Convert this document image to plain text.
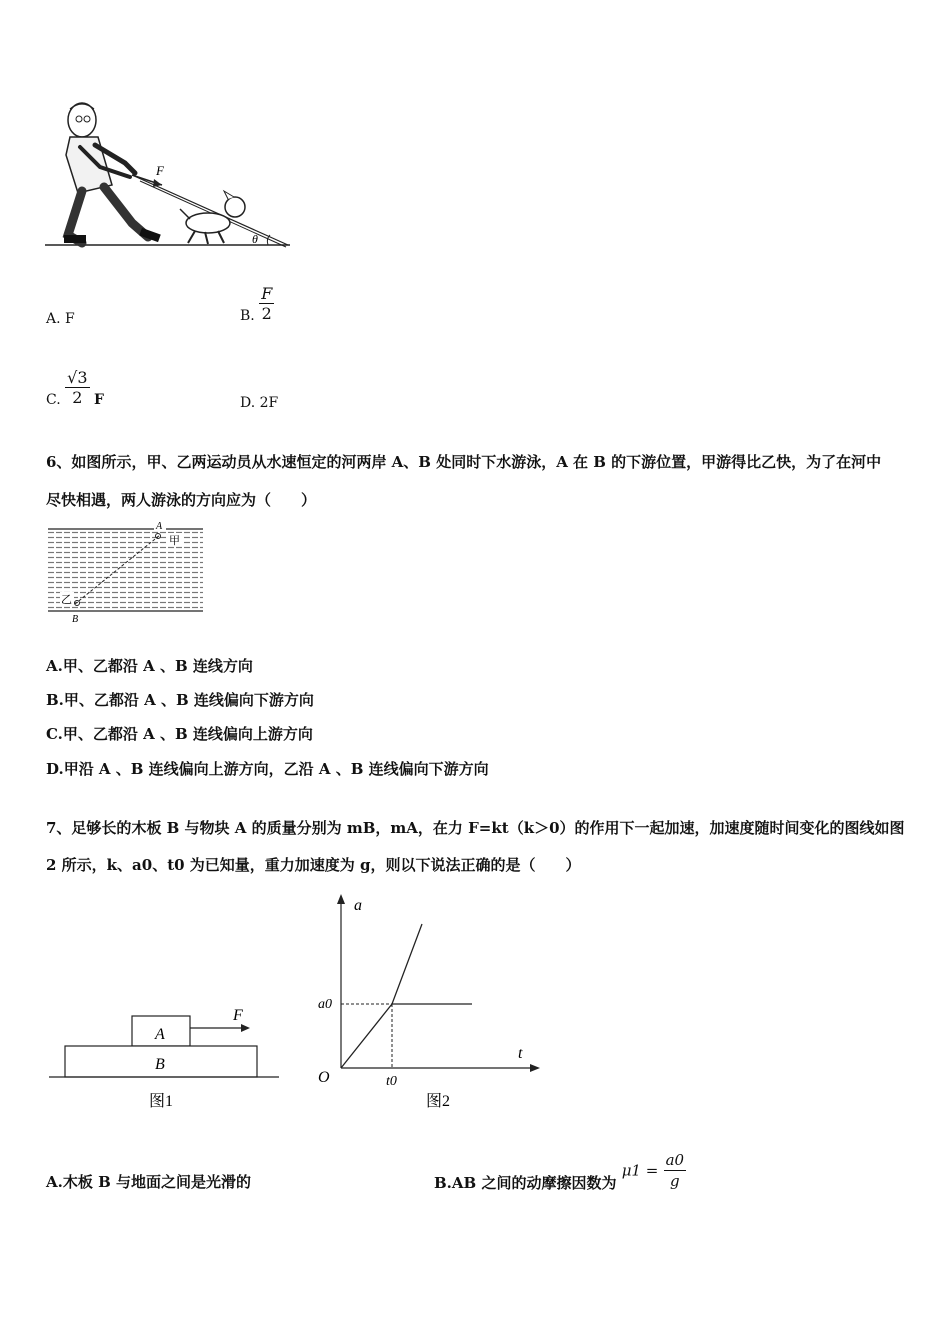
F
θ
A. F	B. $\frac{F}{2}$
C. $\frac{√3}{2}$ F	D. 2F
6、如图所示，甲、乙两运动员从水速恒定的河两岸 A、B 处同时下水游泳，A 在 B 的下游位置，甲游得比乙快，为了在河中
尽快相遇，两人游泳的方向应为（　　）
A
甲
乙
B
A.甲、乙都沿 A 、B 连线方向
B.甲、乙都沿 A 、B 连线偏向下游方向
C.甲、乙都沿 A 、B 连线偏向上游方向
D.甲沿 A 、B 连线偏向上游方向，乙沿 A 、B 连线偏向下游方向
7、足够长的木板 B 与物块 A 的质量分别为 mB，mA，在力 F=kt（k＞0）的作用下一起加速，加速度随时间变化的图线如图
2 所示，k、a0、t0 为已知量，重力加速度为 g，则以下说法正确的是（　　）
A
B
F
图1
a
t
O
a0
t0
图2
A.木板 B 与地面之间是光滑的	B.AB 之间的动摩擦因数为 $\mu 1 = \frac{a0}{g}$
